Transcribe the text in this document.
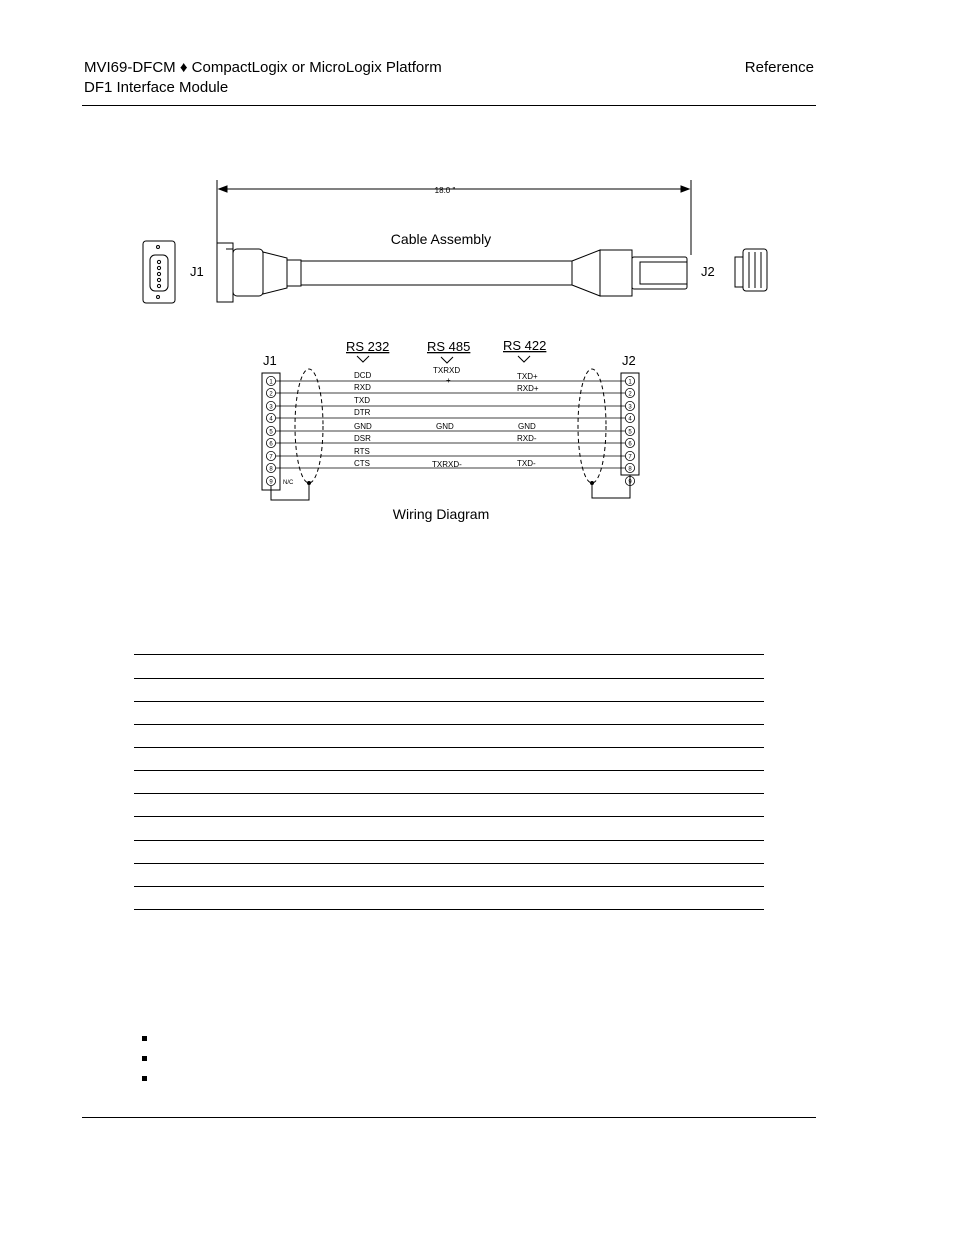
MVI69-DFCM ♦ CompactLogix or MicroLogix Platform
DF1 Interface Module
Reference
18.0 "
Cable Assembly
J1	J2
J1	J2
RS 232	RS 485	RS 422
1
2
3
4
5
6
7
8
9
1
2
3
4
5
6
7
8
9
N/C
DCD
RXD
TXD
DTR
GND
DSR
RTS
CTS
TXRXD
+
GND
TXRXD-
TXD+
RXD+
GND
RXD-
TXD-
Wiring Diagram
